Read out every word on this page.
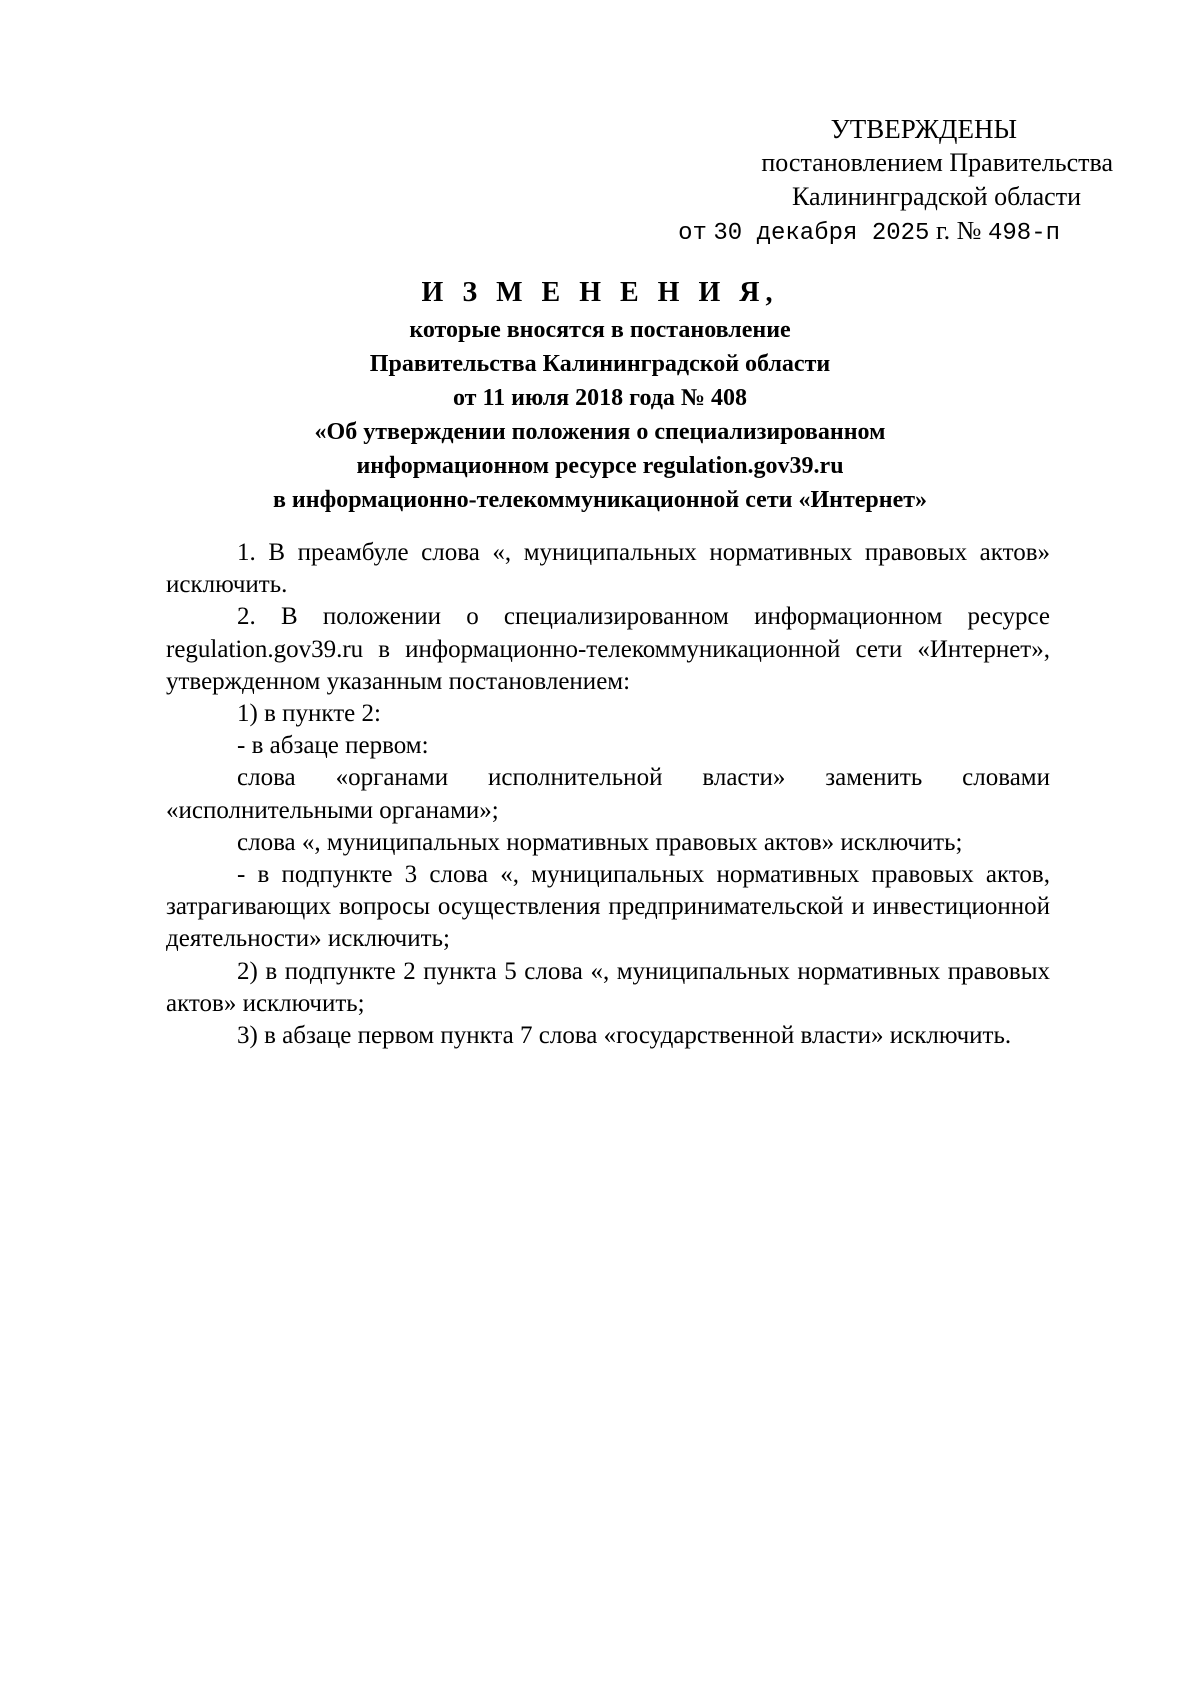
УТВЕРЖДЕНЫ
постановлением Правительства
Калининградской области
от 30 декабря 2025 г. № 498-п
И З М Е Н Е Н И Я,
которые вносятся в постановление
Правительства Калининградской области
от 11 июля 2018 года № 408
«Об утверждении положения о специализированном
информационном ресурсе regulation.gov39.ru
в информационно-телекоммуникационной сети «Интернет»

1. В преамбуле слова «, муниципальных нормативных правовых актов» исключить.

2. В положении о специализированном информационном ресурсе regulation.gov39.ru в информационно-телекоммуникационной сети «Интернет», утвержденном указанным постановлением:

1) в пункте 2:

- в абзаце первом:

слова «органами исполнительной власти» заменить словами «исполнительными органами»;

слова «, муниципальных нормативных правовых актов» исключить;

- в подпункте 3 слова «, муниципальных нормативных правовых актов, затрагивающих вопросы осуществления предпринимательской и инвестиционной деятельности» исключить;

2) в подпункте 2 пункта 5 слова «, муниципальных нормативных правовых актов» исключить;

3) в абзаце первом пункта 7 слова «государственной власти» исключить.
